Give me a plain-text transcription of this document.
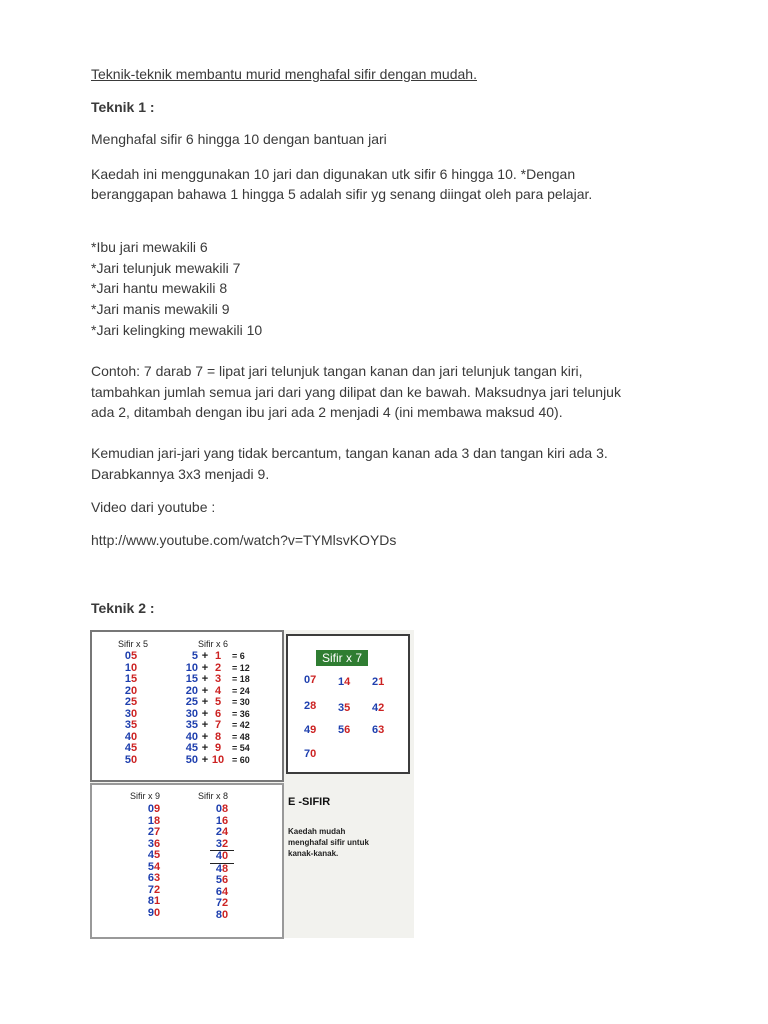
Teknik-teknik membantu murid menghafal sifir dengan mudah.
Teknik 1 :
Menghafal sifir 6 hingga 10 dengan bantuan jari
Kaedah ini menggunakan 10 jari dan digunakan utk sifir 6 hingga 10. *Dengan
beranggapan bahawa 1 hingga 5 adalah sifir yg senang diingat oleh para pelajar.
*Ibu jari mewakili 6
*Jari telunjuk mewakili 7
*Jari hantu mewakili 8
*Jari manis mewakili 9
*Jari kelingking mewakili 10
Contoh: 7 darab 7 = lipat jari telunjuk tangan kanan dan jari telunjuk tangan kiri,
tambahkan jumlah semua jari dari yang dilipat dan ke bawah. Maksudnya jari telunjuk
ada 2, ditambah dengan ibu jari ada 2 menjadi 4 (ini membawa maksud 40).
Kemudian jari-jari yang tidak bercantum, tangan kanan ada 3 dan tangan kiri ada 3.
Darabkannya 3x3 menjadi 9.
Video dari youtube :
http://www.youtube.com/watch?v=TYMlsvKOYDs
Teknik 2 :
Sifir x 5	Sifir x 6
05
10
15
20
25
30
35
40
45
50
5
10
15
20
25
30
35
40
45
50
+
+
+
+
+
+
+
+
+
+
1
2
3
4
5
6
7
8
9
10
= 6
= 12
= 18
= 24
= 30
= 36
= 42
= 48
= 54
= 60
Sifir x 7
07 14 21
28 35 42
49 56 63
70
Sifir x 9	Sifir x 8
09
18
27
36
45
54
63
72
81
90
08
16
24
32
40
48
56
64
72
80
E -SIFIR
Kaedah mudah
menghafal sifir untuk
kanak-kanak.
